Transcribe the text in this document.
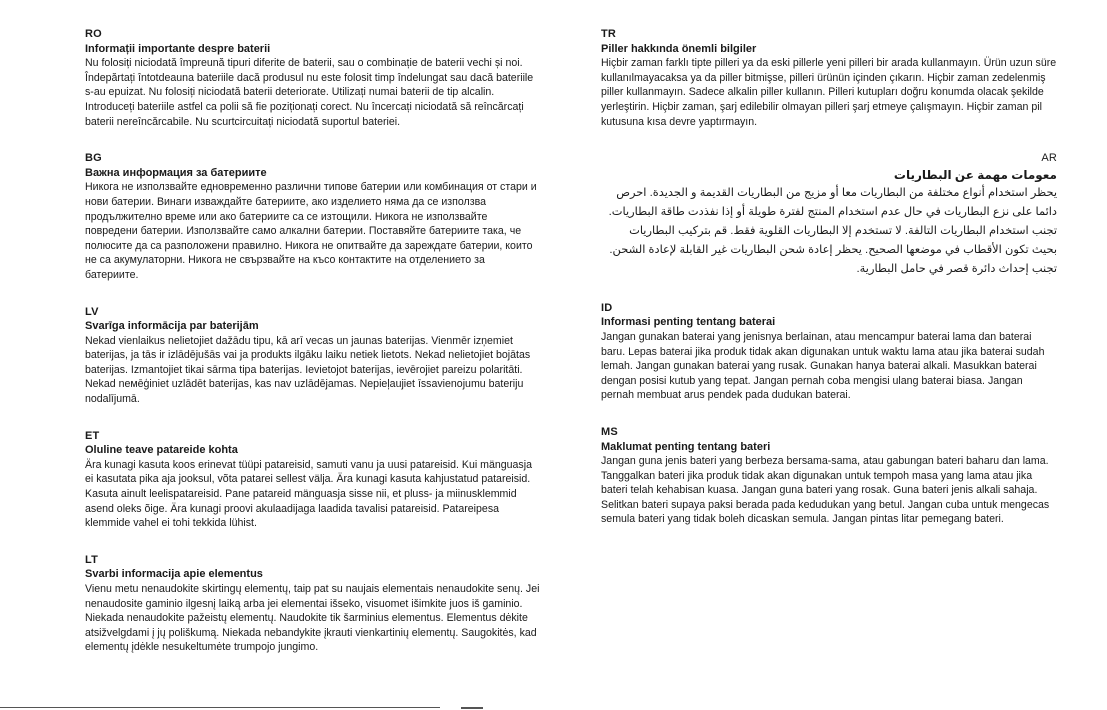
RO
Informații importante despre baterii

Nu folosiți niciodată împreună tipuri diferite de baterii, sau o combinație de baterii vechi și noi. Îndepărtați întotdeauna bateriile dacă produsul nu este folosit timp îndelungat sau dacă bateriile s-au epuizat. Nu folosiți niciodată baterii deteriorate. Utilizați numai baterii de tip alcalin. Introduceți bateriile astfel ca polii să fie poziționați corect. Nu încercați niciodată să reîncărcați baterii nereîncărcabile. Nu scurtcircuitați niciodată suportul bateriei.

BG
Важна информация за батериите

Никога не използвайте едновременно различни типове батерии или комбинация от стари и нови батерии. Винаги изваждайте батериите, ако изделието няма да се използва продължително време или ако батериите са се изтощили. Никога не използвайте повредени батерии. Използвайте само алкални батерии. Поставяйте батериите така, че полюсите да са разположени правилно. Никога не опитвайте да зареждате батерии, които не са акумулаторни. Никога не свързвайте на късо контактите на отделението за батериите.

LV
Svarīga informācija par baterijām

Nekad vienlaikus nelietojiet dažādu tipu, kā arī vecas un jaunas baterijas. Vienmēr izņemiet baterijas, ja tās ir izlādējušās vai ja produkts ilgāku laiku netiek lietots. Nekad nelietojiet bojātas baterijas. Izmantojiet tikai sārma tipa baterijas. Ievietojot baterijas, ievērojiet pareizu polaritāti. Nekad neмēģiniet uzlādēt baterijas, kas nav uzlādējamas. Nepieļaujiet īssavienojumu bateriju nodalījumā.

ET
Oluline teave patareide kohta

Ära kunagi kasuta koos erinevat tüüpi patareisid, samuti vanu ja uusi patareisid. Kui mänguasja ei kasutata pika aja jooksul, võta patarei sellest välja. Ära kunagi kasuta kahjustatud patareisid. Kasuta ainult leelispatareisid. Pane patareid mänguasja sisse nii, et pluss- ja miinusklemmid asend oleks õige. Ära kunagi proovi akulaadijaga laadida tavalisi patareisid. Patareipesa klemmide vahel ei tohi tekkida lühist.

LT
Svarbi informacija apie elementus

Vienu metu nenaudokite skirtingų elementų, taip pat su naujais elementais nenaudokite senų. Jei nenaudosite gaminio ilgesnį laiką arba jei elementai išseko, visuomet išimkite juos iš gaminio. Niekada nenaudokite pažeistų elementų. Naudokite tik šarminius elementus. Elementus dėkite atsižvelgdami į jų poliškumą. Niekada nebandykite įkrauti vienkartinių elementų. Saugokitės, kad elementų įdėkle nesukeltumėte trumpojo jungimo.

TR
Piller hakkında önemli bilgiler

Hiçbir zaman farklı tipte pilleri ya da eski pillerle yeni pilleri bir arada kullanmayın. Ürün uzun süre kullanılmayacaksa ya da piller bitmişse, pilleri ürünün içinden çıkarın. Hiçbir zaman zedelenmiş piller kullanmayın. Sadece alkalin piller kullanın. Pilleri kutupları doğru konumda olacak şekilde yerleştirin. Hiçbir zaman, şarj edilebilir olmayan pilleri şarj etmeye çalışmayın. Hiçbir zaman pil kutusuna kısa devre yaptırmayın.

AR
معومات مهمة عن البطاريات

يحظر استخدام أنواع مختلفة من البطاريات معا أو مزيج من البطاريات القديمة و الجديدة. احرص دائما على نزع البطاريات في حال عدم استخدام المنتج لفترة طويلة أو إذا نفذدت طاقة البطاريات. تجنب استخدام البطاريات التالفة. لا تستخدم إلا البطاريات القلوية فقط. قم بتركيب البطاريات بحيث تكون الأقطاب في موضعها الصحيح. يحظر إعادة شحن البطاريات غير القابلة لإعادة الشحن. تجنب إحداث دائرة قصر في حامل البطارية.

ID
Informasi penting tentang baterai

Jangan gunakan baterai yang jenisnya berlainan, atau mencampur baterai lama dan baterai baru. Lepas baterai jika produk tidak akan digunakan untuk waktu lama atau jika baterai sudah lemah. Jangan gunakan baterai yang rusak. Gunakan hanya baterai alkali. Masukkan baterai dengan posisi kutub yang tepat. Jangan pernah coba mengisi ulang baterai biasa. Jangan pernah membuat arus pendek pada dudukan baterai.

MS
Maklumat penting tentang bateri

Jangan guna jenis bateri yang berbeza bersama-sama, atau gabungan bateri baharu dan lama. Tanggalkan bateri jika produk tidak akan digunakan untuk tempoh masa yang lama atau jika bateri telah kehabisan kuasa. Jangan guna bateri yang rosak. Guna bateri jenis alkali sahaja. Selitkan bateri supaya paksi berada pada kedudukan yang betul. Jangan cuba untuk mengecas semula bateri yang tidak boleh dicaskan semula. Jangan pintas litar pemegang bateri.
